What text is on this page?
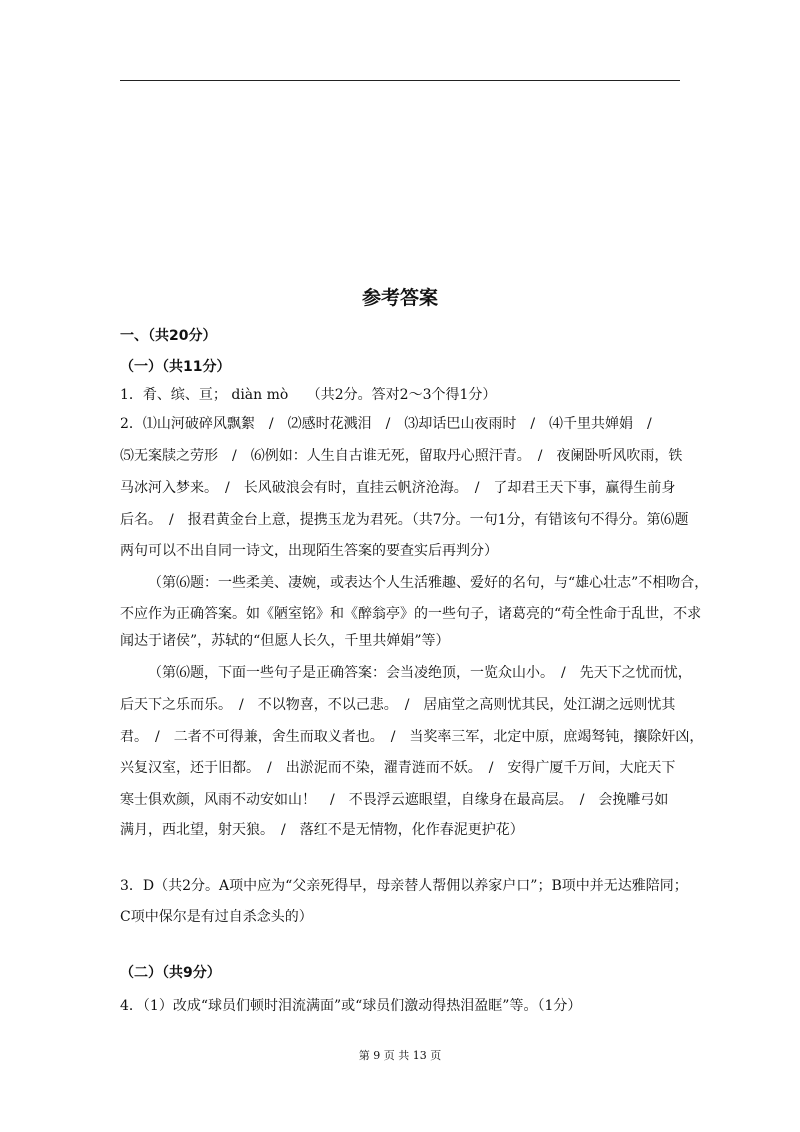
参考答案
一、（共20分）
（一）（共11分）
1．肴、缤、亘； diàn mò　 （共2分。答对2～3个得1分）
2．⑴山河破碎风飘絮　/　⑵感时花溅泪　/　⑶却话巴山夜雨时　/　⑷千里共婵娟　/
⑸无案牍之劳形　/　⑹例如：人生自古谁无死，留取丹心照汗青。　/　夜阑卧听风吹雨，铁
马冰河入梦来。　/　长风破浪会有时，直挂云帆济沧海。　/　了却君王天下事，赢得生前身
后名。　/　报君黄金台上意，提携玉龙为君死。（共7分。一句1分，有错该句不得分。第⑹题
两句可以不出自同一诗文，出现陌生答案的要查实后再判分）
（第⑹题：一些柔美、凄婉，或表达个人生活雅趣、爱好的名句，与“雄心壮志”不相吻合，
不应作为正确答案。如《陋室铭》和《醉翁亭》的一些句子，诸葛亮的“苟全性命于乱世，不求
闻达于诸侯”，苏轼的“但愿人长久，千里共婵娟”等）
（第⑹题，下面一些句子是正确答案：会当凌绝顶，一览众山小。　/　先天下之忧而忧，
后天下之乐而乐。　/　不以物喜，不以己悲。　/　居庙堂之高则忧其民，处江湖之远则忧其
君。　/　二者不可得兼，舍生而取义者也。　/　当奖率三军，北定中原，庶竭驽钝，攘除奸凶，
兴复汉室，还于旧都。　/　出淤泥而不染，濯青涟而不妖。　/　安得广厦千万间，大庇天下
寒士俱欢颜，风雨不动安如山！　/　不畏浮云遮眼望，自缘身在最高层。　/　会挽雕弓如
满月，西北望，射天狼。　/　落红不是无情物，化作春泥更护花）
3．D（共2分。A项中应为“父亲死得早，母亲替人帮佣以养家户口”；B项中并无达雅陪同；
C项中保尔是有过自杀念头的）
（二）（共9分）
4．（1）改成“球员们顿时泪流满面”或“球员们激动得热泪盈眶”等。（1分）
第 9 页 共 13 页
